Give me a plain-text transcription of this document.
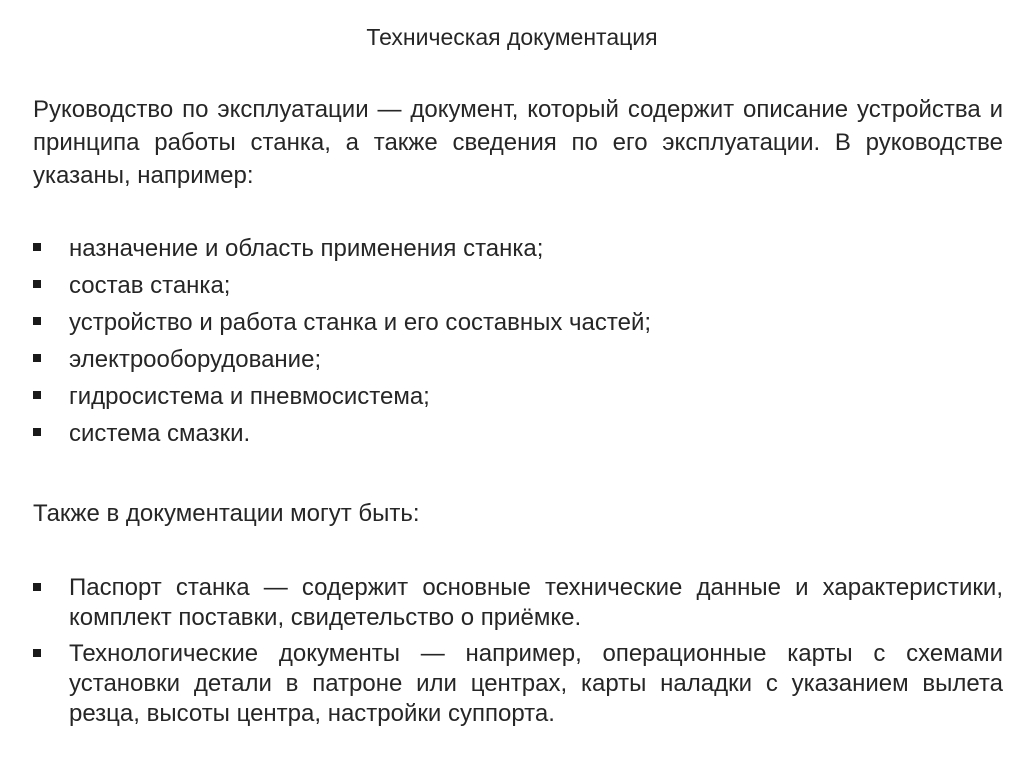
Техническая документация

Руководство по эксплуатации — документ, который содержит описание устройства и принципа работы станка, а также сведения по его эксплуатации. В руководстве указаны, например:

назначение и область применения станка;
состав станка;
устройство и работа станка и его составных частей;
электрооборудование;
гидросистема и пневмосистема;
система смазки.

Также в документации могут быть:

Паспорт станка — содержит основные технические данные и характеристики, комплект поставки, свидетельство о приёмке.
Технологические документы — например, операционные карты с схемами установки детали в патроне или центрах, карты наладки с указанием вылета резца, высоты центра, настройки суппорта.
